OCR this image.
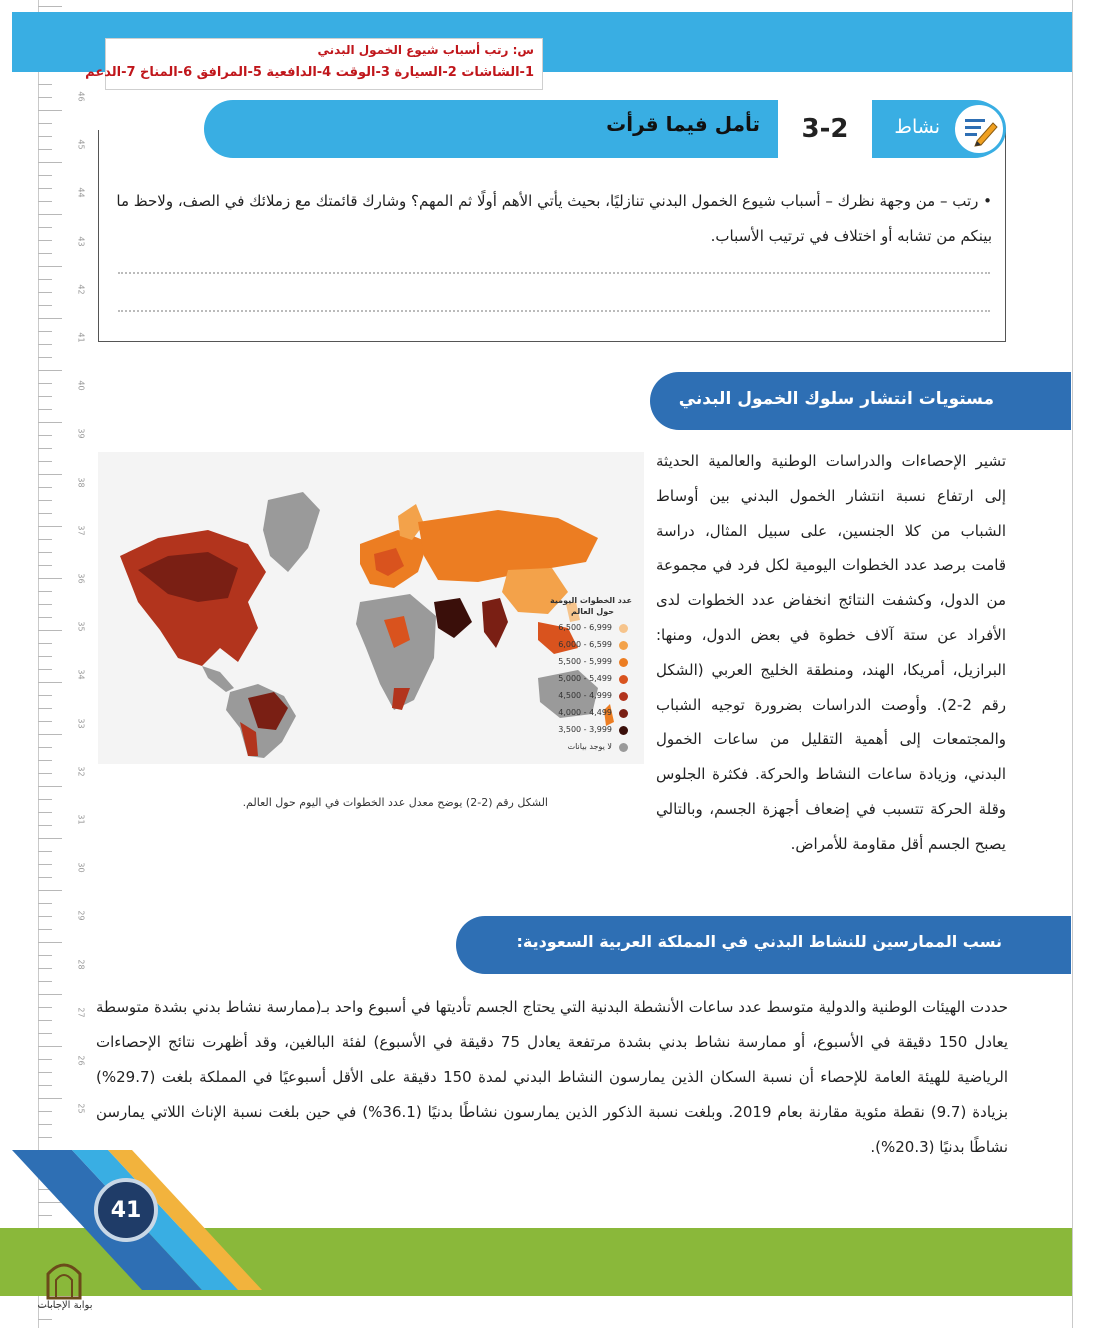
46
45
44
43
42
41
40
39
38
37
36
35
34
33
32
31
30
29
28
27
26
25
س: رتب أسباب شيوع الخمول البدني
1-الشاشات 2-السيارة 3-الوقت 4-الدافعية 5-المرافق 6-المناخ 7-الدعم
3-2
تأمل فيما قرأت	نشاط
• رتب – من وجهة نظرك – أسباب شيوع الخمول البدني تنازليًا، بحيث يأتي الأهم أولًا ثم المهم؟ وشارك قائمتك مع زملائك في الصف، ولاحظ ما بينكم من تشابه أو اختلاف في ترتيب الأسباب.
مستويات انتشار سلوك الخمول البدني
تشير الإحصاءات والدراسات الوطنية والعالمية الحديثة إلى ارتفاع نسبة انتشار الخمول البدني بين أوساط الشباب من كلا الجنسين، على سبيل المثال، دراسة قامت برصد عدد الخطوات اليومية لكل فرد في مجموعة من الدول، وكشفت النتائج انخفاض عدد الخطوات لدى الأفراد عن ستة آلاف خطوة في بعض الدول، ومنها: البرازيل، أمريكا، الهند، ومنطقة الخليج العربي (الشكل رقم 2-2). وأوصت الدراسات بضرورة توجيه الشباب والمجتمعات إلى أهمية التقليل من ساعات الخمول البدني، وزيادة ساعات النشاط والحركة. فكثرة الجلوس وقلة الحركة تتسبب في إضعاف أجهزة الجسم، وبالتالي يصبح الجسم أقل مقاومة للأمراض.
عدد الخطوات اليومية
حول العالم
6,500 - 6,999
6,000 - 6,599
5,500 - 5,999
5,000 - 5,499
4,500 - 4,999
4,000 - 4,499
3,500 - 3,999
لا يوجد بيانات
الشكل رقم (2-2) يوضح معدل عدد الخطوات في اليوم حول العالم.
نسب الممارسين للنشاط البدني في المملكة العربية السعودية:
حددت الهيئات الوطنية والدولية متوسط عدد ساعات الأنشطة البدنية التي يحتاج الجسم تأديتها في أسبوع واحد بـ(ممارسة نشاط بدني بشدة متوسطة يعادل 150 دقيقة في الأسبوع، أو ممارسة نشاط بدني بشدة مرتفعة يعادل 75 دقيقة في الأسبوع) لفئة البالغين، وقد أظهرت نتائج الإحصاءات الرياضية للهيئة العامة للإحصاء أن نسبة السكان الذين يمارسون النشاط البدني لمدة 150 دقيقة على الأقل أسبوعيًا في المملكة بلغت (29.7%) بزيادة (9.7) نقطة مئوية مقارنة بعام 2019. وبلغت نسبة الذكور الذين يمارسون نشاطًا بدنيًا (36.1%) في حين بلغت نسبة الإناث اللاتي يمارسن نشاطًا بدنيًا (20.3%).
41
بوابة الإجابات
